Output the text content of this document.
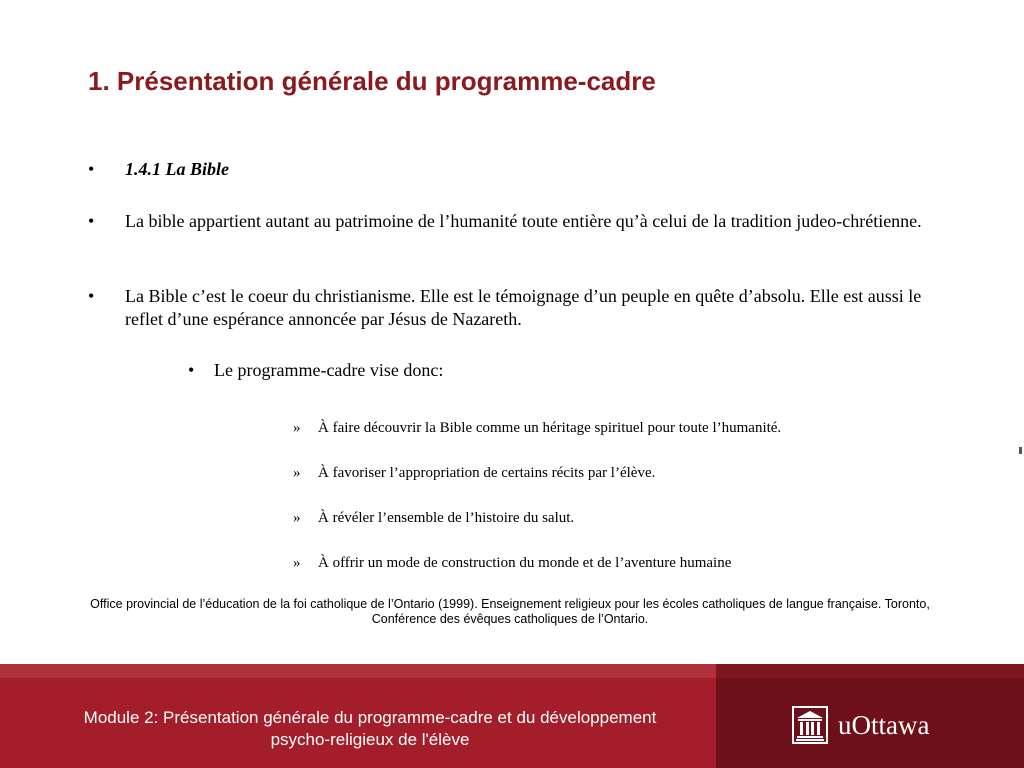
1. Présentation générale du programme-cadre
• 1.4.1 La Bible
• La bible appartient autant au patrimoine de l’humanité toute entière qu’à celui de la tradition judeo-chrétienne.
• La Bible c’est le coeur du christianisme. Elle est le témoignage d’un peuple en quête d’absolu. Elle est aussi le reflet d’une espérance annoncée par Jésus de Nazareth.
• Le programme-cadre vise donc:
» À faire découvrir la Bible comme un héritage spirituel pour toute l’humanité.
» À favoriser l’appropriation de certains récits par l’élève.
» À révéler l’ensemble de l’histoire du salut.
» À offrir un mode de construction du monde et de l’aventure humaine
Office provincial de l’éducation de la foi catholique de l’Ontario (1999). Enseignement religieux pour les écoles catholiques de langue française. Toronto, Conférence des évêques catholiques de l’Ontario.
Module 2: Présentation générale du programme-cadre et du développement psycho-religieux de l'élève	uOttawa
